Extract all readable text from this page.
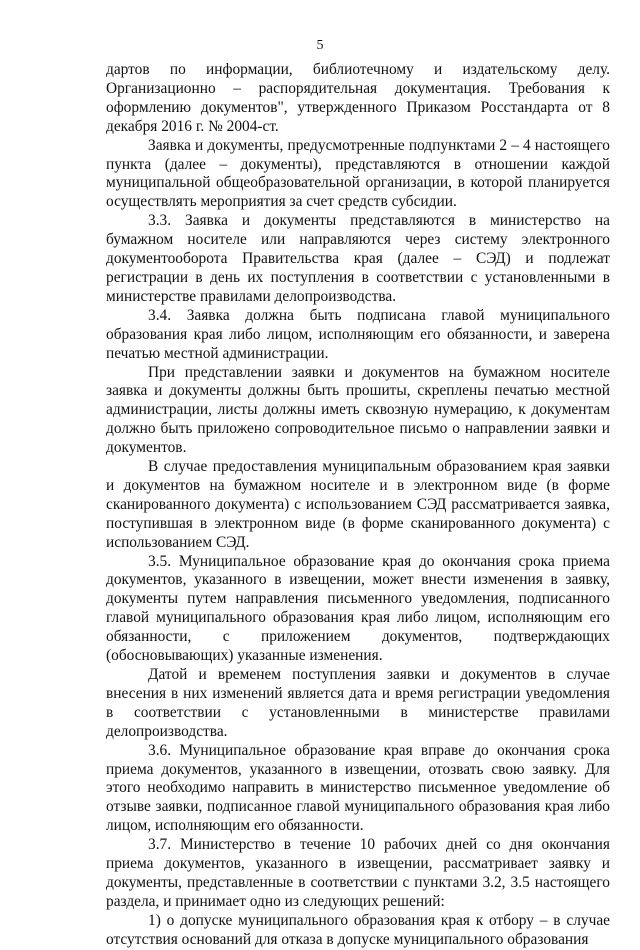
5

дартов по информации, библиотечному и издательскому делу. Организационно – распорядительная документация. Требования к оформлению документов", утвержденного Приказом Росстандарта от 8 декабря 2016 г. № 2004-ст.

Заявка и документы, предусмотренные подпунктами 2 – 4 настоящего пункта (далее – документы), представляются в отношении каждой муниципальной общеобразовательной организации, в которой планируется осуществлять мероприятия за счет средств субсидии.

3.3. Заявка и документы представляются в министерство на бумажном носителе или направляются через систему электронного документооборота Правительства края (далее – СЭД) и подлежат регистрации в день их поступления в соответствии с установленными в министерстве правилами делопроизводства.

3.4. Заявка должна быть подписана главой муниципального образования края либо лицом, исполняющим его обязанности, и заверена печатью местной администрации.

При представлении заявки и документов на бумажном носителе заявка и документы должны быть прошиты, скреплены печатью местной администрации, листы должны иметь сквозную нумерацию, к документам должно быть приложено сопроводительное письмо о направлении заявки и документов.

В случае предоставления муниципальным образованием края заявки и документов на бумажном носителе и в электронном виде (в форме сканированного документа) с использованием СЭД рассматривается заявка, поступившая в электронном виде (в форме сканированного документа) с использованием СЭД.

3.5. Муниципальное образование края до окончания срока приема документов, указанного в извещении, может внести изменения в заявку, документы путем направления письменного уведомления, подписанного главой муниципального образования края либо лицом, исполняющим его обязанности, с приложением документов, подтверждающих (обосновывающих) указанные изменения.

Датой и временем поступления заявки и документов в случае внесения в них изменений является дата и время регистрации уведомления в соответствии с установленными в министерстве правилами делопроизводства.

3.6. Муниципальное образование края вправе до окончания срока приема документов, указанного в извещении, отозвать свою заявку. Для этого необходимо направить в министерство письменное уведомление об отзыве заявки, подписанное главой муниципального образования края либо лицом, исполняющим его обязанности.

3.7. Министерство в течение 10 рабочих дней со дня окончания приема документов, указанного в извещении, рассматривает заявку и документы, представленные в соответствии с пунктами 3.2, 3.5 настоящего раздела, и принимает одно из следующих решений:

1) о допуске муниципального образования края к отбору – в случае отсутствия оснований для отказа в допуске муниципального образования
